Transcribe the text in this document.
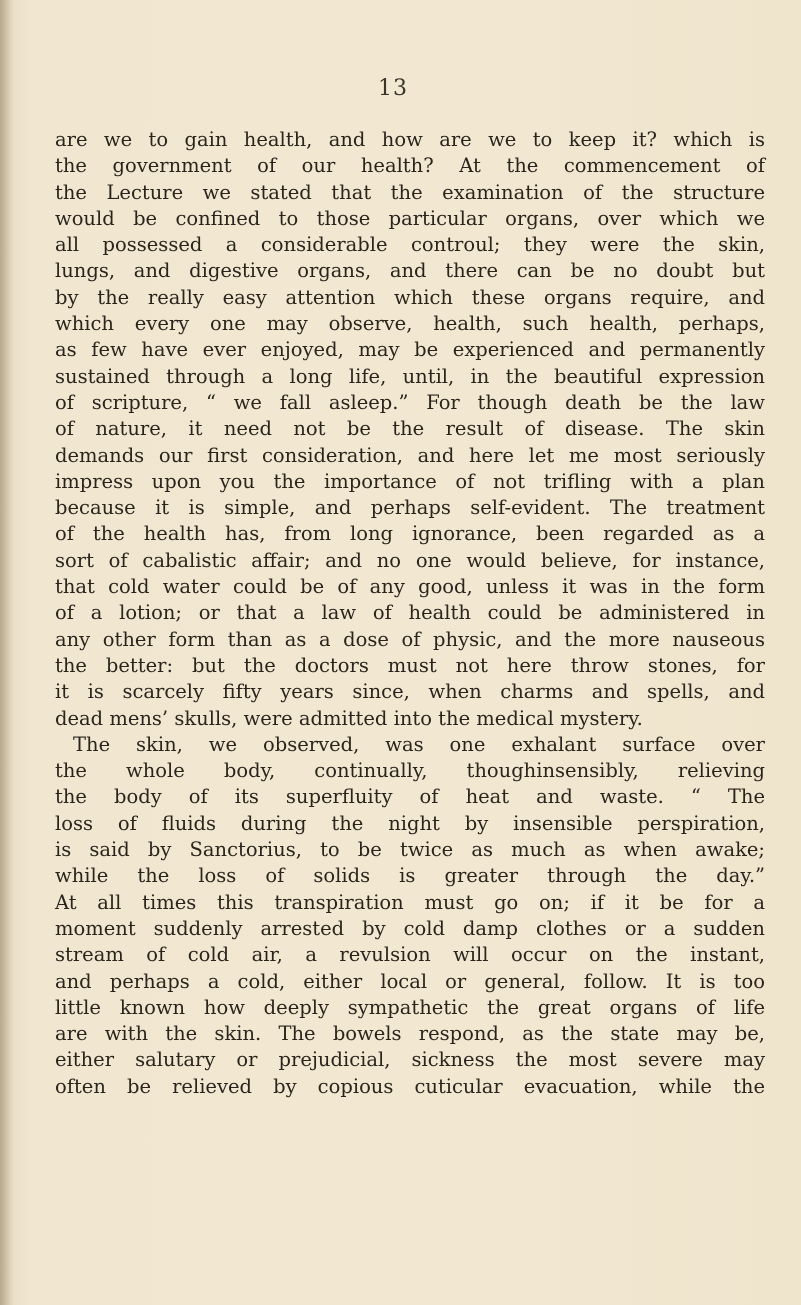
13
are we to gain health, and how are we to keep it? which is
the government of our health? At the commencement of
the Lecture we stated that the examination of the structure
would be confined to those particular organs, over which we
all possessed a considerable controul; they were the skin,
lungs, and digestive organs, and there can be no doubt but
by the really easy attention which these organs require, and
which every one may observe, health, such health, perhaps,
as few have ever enjoyed, may be experienced and permanently
sustained through a long life, until, in the beautiful expression
of scripture, “ we fall asleep.” For though death be the law
of nature, it need not be the result of disease. The skin
demands our first consideration, and here let me most seriously
impress upon you the importance of not trifling with a plan
because it is simple, and perhaps self-evident. The treatment
of the health has, from long ignorance, been regarded as a
sort of cabalistic affair; and no one would believe, for instance,
that cold water could be of any good, unless it was in the form
of a lotion; or that a law of health could be administered in
any other form than as a dose of physic, and the more nauseous
the better: but the doctors must not here throw stones, for
it is scarcely fifty years since, when charms and spells, and
dead mens’ skulls, were admitted into the medical mystery.
The skin, we observed, was one exhalant surface over
the whole body, continually, thoughinsensibly, relieving
the body of its superfluity of heat and waste. “ The
loss of fluids during the night by insensible perspiration,
is said by Sanctorius, to be twice as much as when awake;
while the loss of solids is greater through the day.”
At all times this transpiration must go on; if it be for a
moment suddenly arrested by cold damp clothes or a sudden
stream of cold air, a revulsion will occur on the instant,
and perhaps a cold, either local or general, follow. It is too
little known how deeply sympathetic the great organs of life
are with the skin. The bowels respond, as the state may be,
either salutary or prejudicial, sickness the most severe may
often be relieved by copious cuticular evacuation, while the
